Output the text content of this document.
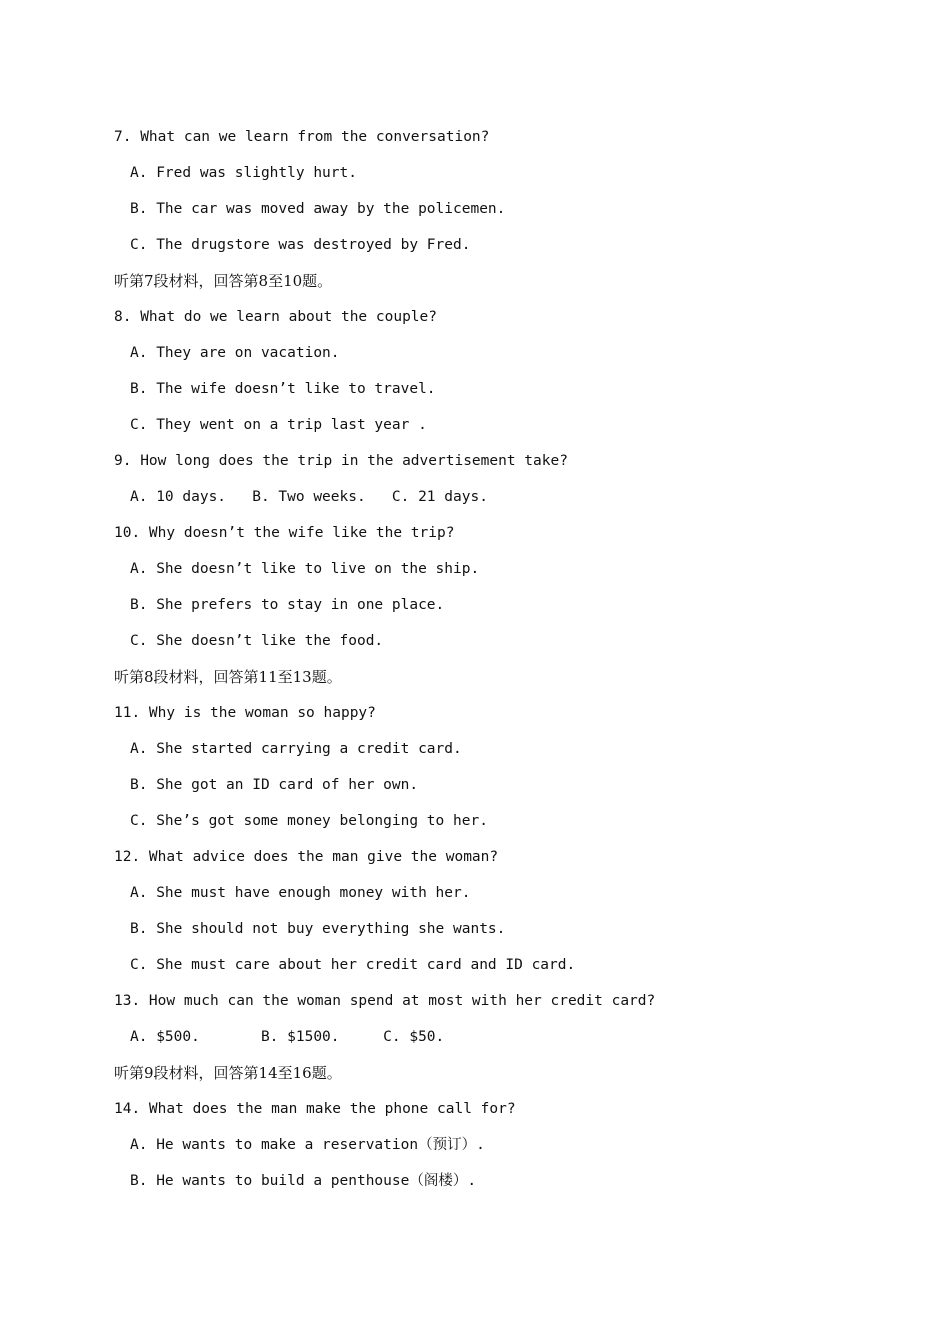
7. What can we learn from the conversation?
A. Fred was slightly hurt.
B. The car was moved away by the policemen.
C. The drugstore was destroyed by Fred.
听第7段材料，回答第8至10题。
8. What do we learn about the couple?
A. They are on vacation.
B. The wife doesn’t like to travel.
C. They went on a trip last year .
9. How long does the trip in the advertisement take?
A. 10 days.   B. Two weeks.   C. 21 days.
10. Why doesn’t the wife like the trip?
A. She doesn’t like to live on the ship.
B. She prefers to stay in one place.
C. She doesn’t like the food.
听第8段材料，回答第11至13题。
11. Why is the woman so happy?
A. She started carrying a credit card.
B. She got an ID card of her own.
C. She’s got some money belonging to her.
12. What advice does the man give the woman?
A. She must have enough money with her.
B. She should not buy everything she wants.
C. She must care about her credit card and ID card.
13. How much can the woman spend at most with her credit card?
A. $500.       B. $1500.     C. $50.
听第9段材料，回答第14至16题。
14. What does the man make the phone call for?
A. He wants to make a reservation（预订）.
B. He wants to build a penthouse（阁楼）.
